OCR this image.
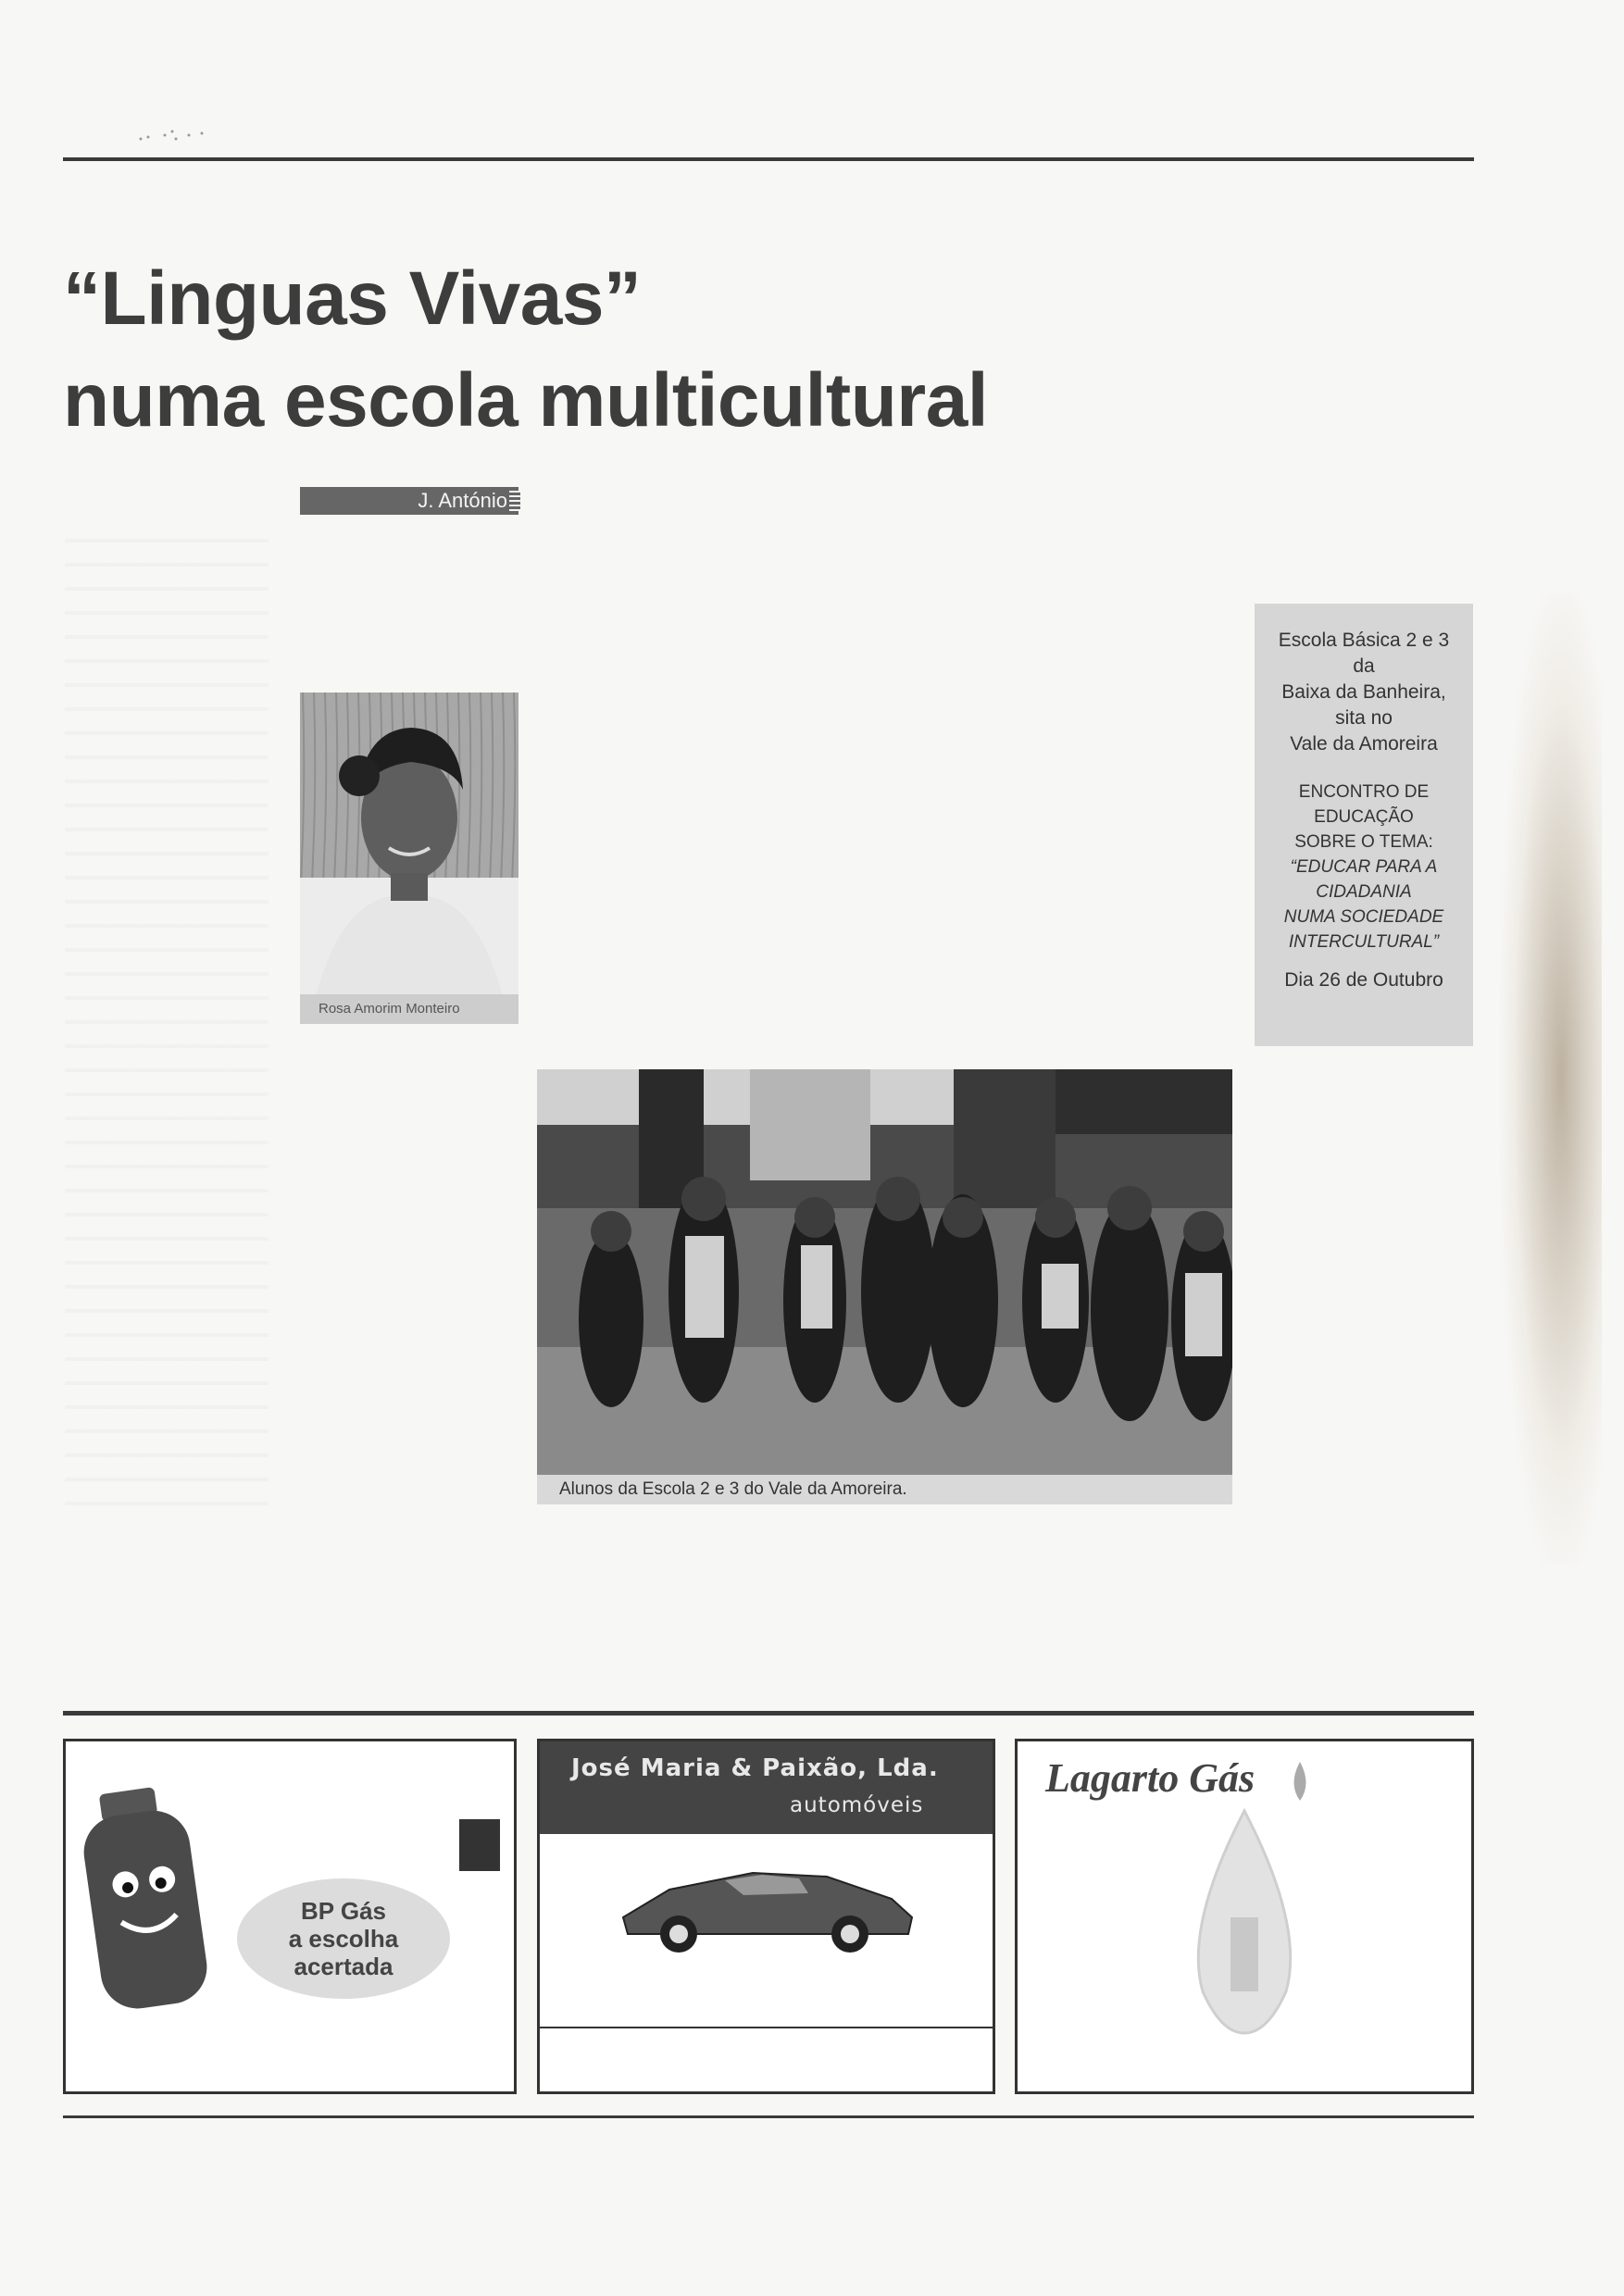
“Linguas Vivas”
numa escola multicultural
J. António
Rosa Amorim Monteiro

Escola Básica 2 e 3

da

Baixa da Banheira,

sita no

Vale da Amoreira

ENCONTRO DE

EDUCAÇÃO

SOBRE O TEMA:

“EDUCAR PARA A

CIDADANIA

NUMA SOCIEDADE

INTERCULTURAL”

Dia 26 de Outubro

Alunos da Escola 2 e 3 do Vale da Amoreira.
BP Gás
a escolha
acertada
José Maria & Paixão, Lda.
automóveis
Lagarto Gás
